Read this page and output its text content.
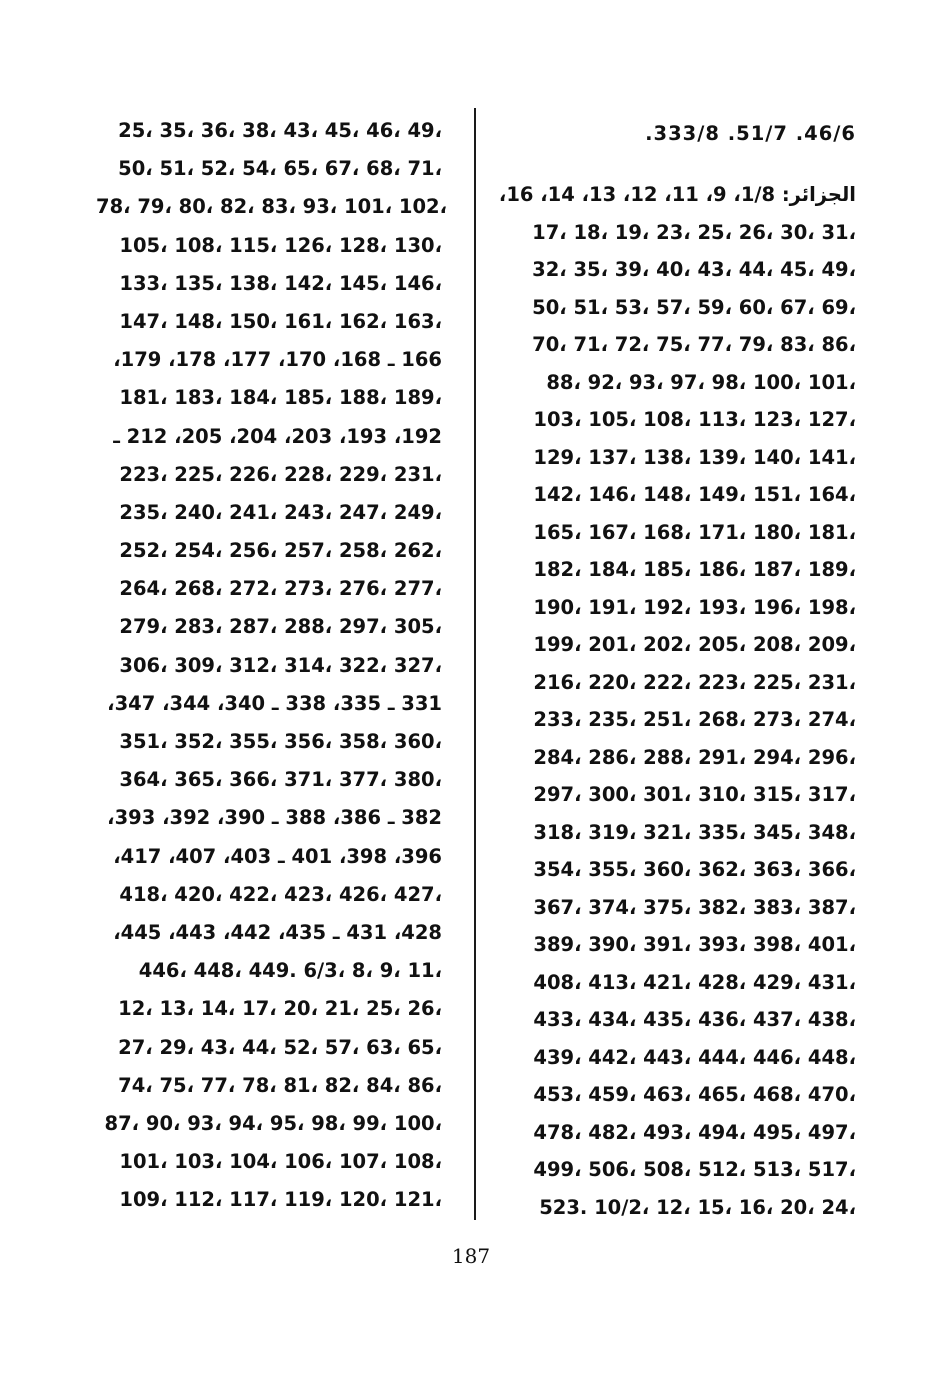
.333/8 .51/7 .46/6
الجزائر: 1/8، 9، 11، 12، 13، 14، 16،
17، 18، 19، 23، 25، 26، 30، 31،
32، 35، 39، 40، 43، 44، 45، 49،
50، 51، 53، 57، 59، 60، 67، 69،
70، 71، 72، 75، 77، 79، 83، 86،
88، 92، 93، 97، 98، 100، 101،
103، 105، 108، 113، 123، 127،
129، 137، 138، 139، 140، 141،
142، 146، 148، 149، 151، 164،
165، 167، 168، 171، 180، 181،
182، 184، 185، 186، 187، 189،
190، 191، 192، 193، 196، 198،
199، 201، 202، 205، 208، 209،
216، 220، 222، 223، 225، 231،
233، 235، 251، 268، 273، 274،
284، 286، 288، 291، 294، 296،
297، 300، 301، 310، 315، 317،
318، 319، 321، 335، 345، 348،
354، 355، 360، 362، 363، 366،
367، 374، 375، 382، 383، 387،
389، 390، 391، 393، 398، 401،
408، 413، 421، 428، 429، 431،
433، 434، 435، 436، 437، 438،
439، 442، 443، 444، 446، 448،
453، 459، 463، 465، 468، 470،
478، 482، 493، 494، 495، 497،
499، 506، 508، 512، 513، 517،
523. 10/2، 12، 15، 16، 20، 24،
25، 35، 36، 38، 43، 45، 46، 49،
50، 51، 52، 54، 65، 67، 68، 71،
78، 79، 80، 82، 83، 93، 101، 102،
105، 108، 115، 126، 128، 130،
133، 135، 138، 142، 145، 146،
147، 148، 150، 161، 162، 163،
166 ـ 168، 170، 177، 178، 179،
181، 183، 184، 185، 188، 189،
192، 193، 203، 204، 205، 212 ـ
223، 225، 226، 228، 229، 231،
235، 240، 241، 243، 247، 249،
252، 254، 256، 257، 258، 262،
264، 268، 272، 273، 276، 277،
279، 283، 287، 288، 297، 305،
306، 309، 312، 314، 322، 327،
331 ـ 335، 338 ـ 340، 344، 347،
351، 352، 355، 356، 358، 360،
364، 365، 366، 371، 377، 380،
382 ـ 386، 388 ـ 390، 392، 393،
396، 398، 401 ـ 403، 407، 417،
418، 420، 422، 423، 426، 427،
428، 431 ـ 435، 442، 443، 445،
446، 448، 449. 6/3، 8، 9، 11،
12، 13، 14، 17، 20، 21، 25، 26،
27، 29، 43، 44، 52، 57، 63، 65،
74، 75، 77، 78، 81، 82، 84، 86،
87، 90، 93، 94، 95، 98، 99، 100،
101، 103، 104، 106، 107، 108،
109، 112، 117، 119، 120، 121،
187
